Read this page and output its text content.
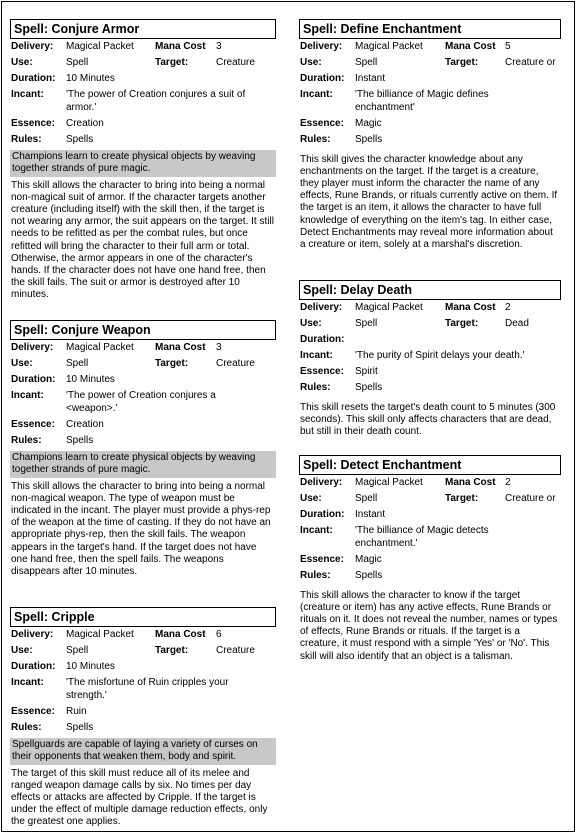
Spell: Conjure Armor
Delivery: Magical Packet	Mana Cost 3
Use:	Spell	Target:	Creature
Duration: 10 Minutes
Incant: 'The power of Creation conjures a suit of armor.'
Essence: Creation
Rules: Spells
Champions learn to create physical objects by weaving together strands of pure magic.
This skill allows the character to bring into being a normal non-magical suit of armor. If the character targets another creature (including itself) with the skill then, if the target is not wearing any armor, the suit appears on the target. It still needs to be refitted as per the combat rules, but once refitted will bring the character to their full arm or total. Otherwise, the armor appears in one of the character's hands. If the character does not have one hand free, then the skill fails. The suit or armor is destroyed after 10 minutes.
Spell: Conjure Weapon
Delivery: Magical Packet	Mana Cost 3
Use:	Spell	Target:	Creature
Duration: 10 Minutes
Incant: 'The power of Creation conjures a <weapon>.'
Essence: Creation
Rules: Spells
Champions learn to create physical objects by weaving together strands of pure magic.
This skill allows the character to bring into being a normal non-magical weapon. The type of weapon must be indicated in the incant. The player must provide a phys-rep of the weapon at the time of casting. If they do not have an appropriate phys-rep, then the skill fails. The weapon appears in the target's hand. If the target does not have one hand free, then the spell fails. The weapons disappears after 10 minutes.
Spell: Cripple
Delivery: Magical Packet	Mana Cost 6
Use:	Spell	Target:	Creature
Duration: 10 Minutes
Incant: 'The misfortune of Ruin cripples your strength.'
Essence: Ruin
Rules: Spells
Spellguards are capable of laying a variety of curses on their opponents that weaken them, body and spirit.
The target of this skill must reduce all of its melee and ranged weapon damage calls by six. No times per day effects or attacks are affected by Cripple. If the target is under the effect of multiple damage reduction effects, only the greatest one applies.
Spell: Define Enchantment
Delivery: Magical Packet	Mana Cost 5
Use:	Spell	Target:	Creature or
Duration: Instant
Incant: 'The billiance of Magic defines enchantment'
Essence: Magic
Rules: Spells
This skill gives the character knowledge about any enchantments on the target. If the target is a creature, they player must inform the character the name of any effects, Rune Brands, or rituals currently active on them. If the target is an item, it allows the character to have full knowledge of everything on the item's tag. In either case, Detect Enchantments may reveal more information about a creature or item, solely at a marshal's discretion.
Spell: Delay Death
Delivery: Magical Packet	Mana Cost 2
Use:	Spell	Target:	Dead
Duration:
Incant: 'The purity of Spirit delays your death.'
Essence: Spirit
Rules: Spells
This skill resets the target's death count to 5 minutes (300 seconds). This skill only affects characters that are dead, but still in their death count.
Spell: Detect Enchantment
Delivery: Magical Packet	Mana Cost 2
Use:	Spell	Target:	Creature or
Duration: Instant
Incant: 'The billiance of Magic detects enchantment.'
Essence: Magic
Rules: Spells
This skill allows the character to know if the target (creature or item) has any active effects, Rune Brands or rituals on it. It does not reveal the number, names or types of effects, Rune Brands or rituals. If the target is a creature, it must respond with a simple 'Yes' or 'No'. This skill will also identify that an object is a talisman.
